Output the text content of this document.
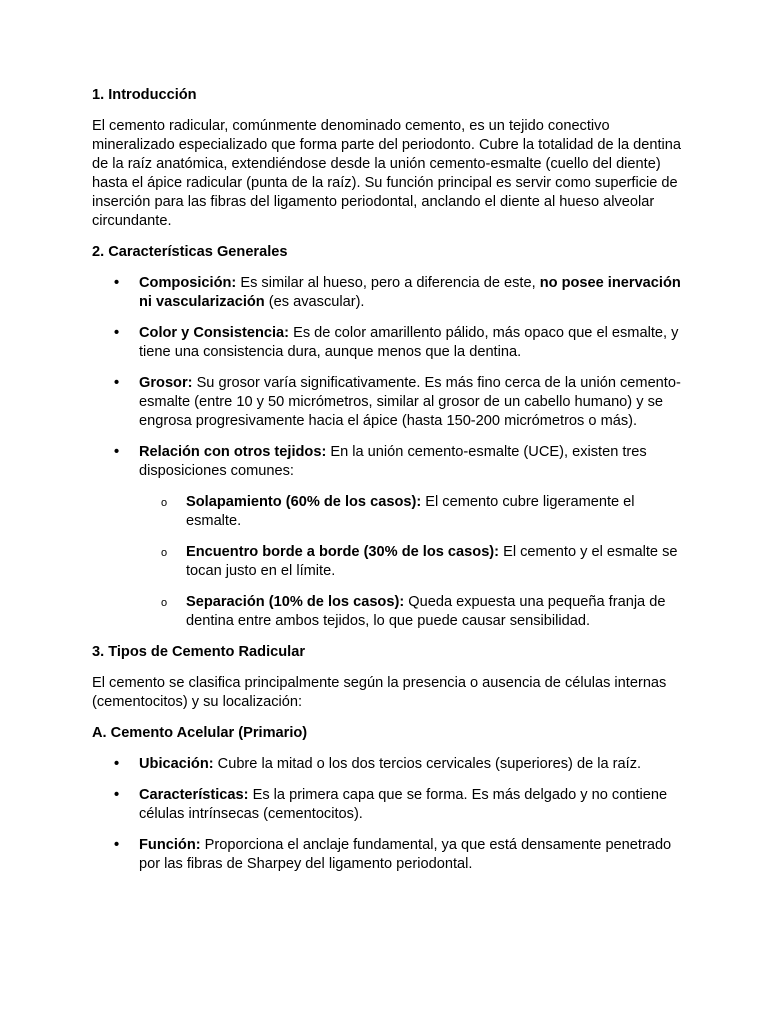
1. Introducción
El cemento radicular, comúnmente denominado cemento, es un tejido conectivo mineralizado especializado que forma parte del periodonto. Cubre la totalidad de la dentina de la raíz anatómica, extendiéndose desde la unión cemento-esmalte (cuello del diente) hasta el ápice radicular (punta de la raíz). Su función principal es servir como superficie de inserción para las fibras del ligamento periodontal, anclando el diente al hueso alveolar circundante.
2. Características Generales
•	Composición: Es similar al hueso, pero a diferencia de este, no posee inervación ni vascularización (es avascular).
•	Color y Consistencia: Es de color amarillento pálido, más opaco que el esmalte, y tiene una consistencia dura, aunque menos que la dentina.
•	Grosor: Su grosor varía significativamente. Es más fino cerca de la unión cemento-esmalte (entre 10 y 50 micrómetros, similar al grosor de un cabello humano) y se engrosa progresivamente hacia el ápice (hasta 150-200 micrómetros o más).
•	Relación con otros tejidos: En la unión cemento-esmalte (UCE), existen tres disposiciones comunes:
o Solapamiento (60% de los casos): El cemento cubre ligeramente el esmalte.
o Encuentro borde a borde (30% de los casos): El cemento y el esmalte se tocan justo en el límite.
o Separación (10% de los casos): Queda expuesta una pequeña franja de dentina entre ambos tejidos, lo que puede causar sensibilidad.
3. Tipos de Cemento Radicular
El cemento se clasifica principalmente según la presencia o ausencia de células internas (cementocitos) y su localización:
A. Cemento Acelular (Primario)
•	Ubicación: Cubre la mitad o los dos tercios cervicales (superiores) de la raíz.
•	Características: Es la primera capa que se forma. Es más delgado y no contiene células intrínsecas (cementocitos).
•	Función: Proporciona el anclaje fundamental, ya que está densamente penetrado por las fibras de Sharpey del ligamento periodontal.
